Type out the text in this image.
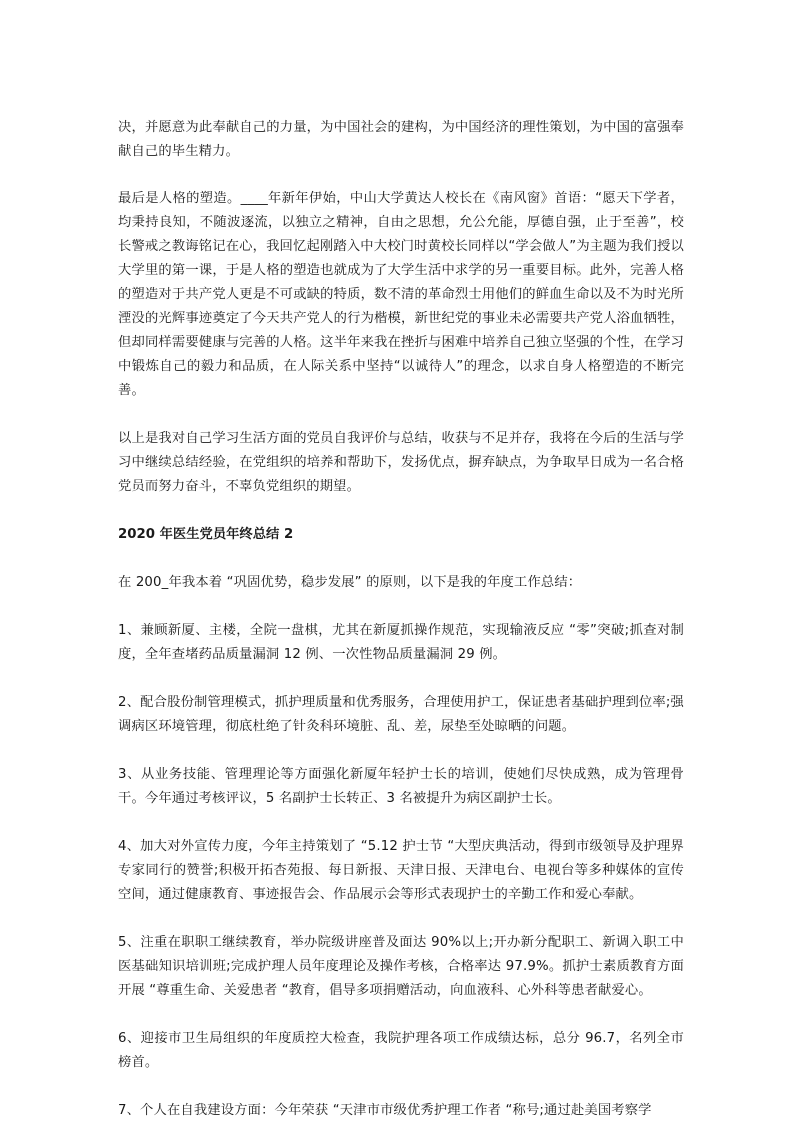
决，并愿意为此奉献自己的力量，为中国社会的建构，为中国经济的理性策划，为中国的富强奉献自己的毕生精力。

最后是人格的塑造。____年新年伊始，中山大学黄达人校长在《南风窗》首语：“愿天下学者，均秉持良知，不随波逐流，以独立之精神，自由之思想，允公允能，厚德自强，止于至善”，校长警戒之教诲铭记在心，我回忆起刚踏入中大校门时黄校长同样以“学会做人”为主题为我们授以大学里的第一课，于是人格的塑造也就成为了大学生活中求学的另一重要目标。此外，完善人格的塑造对于共产党人更是不可或缺的特质，数不清的革命烈士用他们的鲜血生命以及不为时光所湮没的光辉事迹奠定了今天共产党人的行为楷模，新世纪党的事业未必需要共产党人浴血牺牲，但却同样需要健康与完善的人格。这半年来我在挫折与困难中培养自己独立坚强的个性，在学习中锻炼自己的毅力和品质，在人际关系中坚持“以诚待人”的理念，以求自身人格塑造的不断完善。

以上是我对自己学习生活方面的党员自我评价与总结，收获与不足并存，我将在今后的生活与学习中继续总结经验，在党组织的培养和帮助下，发扬优点，摒弃缺点，为争取早日成为一名合格党员而努力奋斗，不辜负党组织的期望。

2020 年医生党员年终总结 2

在 200_年我本着 “巩固优势，稳步发展” 的原则，以下是我的年度工作总结：

1、兼顾新厦、主楼，全院一盘棋，尤其在新厦抓操作规范，实现输液反应 “零”突破;抓查对制度，全年查堵药品质量漏洞 12 例、一次性物品质量漏洞 29 例。

2、配合股份制管理模式，抓护理质量和优秀服务，合理使用护工，保证患者基础护理到位率;强调病区环境管理，彻底杜绝了针灸科环境脏、乱、差，尿垫至处晾晒的问题。

3、从业务技能、管理理论等方面强化新厦年轻护士长的培训，使她们尽快成熟，成为管理骨干。今年通过考核评议，5 名副护士长转正、3 名被提升为病区副护士长。

4、加大对外宣传力度，今年主持策划了 “5.12 护士节 “大型庆典活动，得到市级领导及护理界专家同行的赞誉;积极开拓杏苑报、每日新报、天津日报、天津电台、电视台等多种媒体的宣传空间，通过健康教育、事迹报告会、作品展示会等形式表现护士的辛勤工作和爱心奉献。

5、注重在职职工继续教育，举办院级讲座普及面达 90%以上;开办新分配职工、新调入职工中医基础知识培训班;完成护理人员年度理论及操作考核，合格率达 97.9%。抓护士素质教育方面开展 “尊重生命、关爱患者 “教育，倡导多项捐赠活动，向血液科、心外科等患者献爱心。

6、迎接市卫生局组织的年度质控大检查，我院护理各项工作成绩达标，总分 96.7，名列全市榜首。

7、个人在自我建设方面：今年荣获 “天津市市级优秀护理工作者 “称号;通过赴美国考察学
